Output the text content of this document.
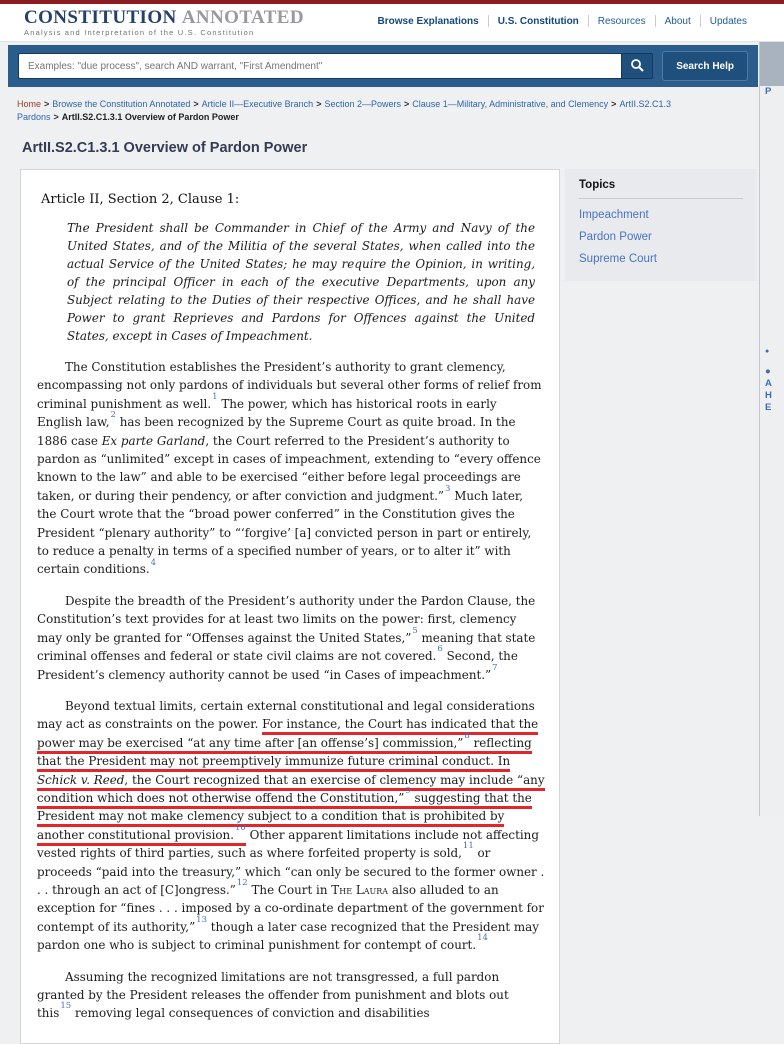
CONSTITUTION ANNOTATED
Analysis and Interpretation of the U.S. Constitution
Browse Explanations	U.S. Constitution	Resources	About	Updates
Examples: "due process", search AND warrant, "First Amendment"
Search Help
Home > Browse the Constitution Annotated > Article II—Executive Branch > Section 2—Powers > Clause 1—Military, Administrative, and Clemency > ArtII.S2.C1.3 Pardons > ArtII.S2.C1.3.1 Overview of Pardon Power
ArtII.S2.C1.3.1 Overview of Pardon Power
Article II, Section 2, Clause 1:
The President shall be Commander in Chief of the Army and Navy of the United States, and of the Militia of the several States, when called into the actual Service of the United States; he may require the Opinion, in writing, of the principal Officer in each of the executive Departments, upon any Subject relating to the Duties of their respective Offices, and he shall have Power to grant Reprieves and Pardons for Offences against the United States, except in Cases of Impeachment.

The Constitution establishes the President’s authority to grant clemency, encompassing not only pardons of individuals but several other forms of relief from criminal punishment as well.$^1$ The power, which has historical roots in early English law,$^2$ has been recognized by the Supreme Court as quite broad. In the 1886 case Ex parte Garland, the Court referred to the President’s authority to pardon as “unlimited” except in cases of impeachment, extending to “every offence known to the law” and able to be exercised “either before legal proceedings are taken, or during their pendency, or after conviction and judgment.”$^3$ Much later, the Court wrote that the “broad power conferred” in the Constitution gives the President “plenary authority” to “‘forgive’ [a] convicted person in part or entirely, to reduce a penalty in terms of a specified number of years, or to alter it” with certain conditions.$^4$

Despite the breadth of the President’s authority under the Pardon Clause, the Constitution’s text provides for at least two limits on the power: first, clemency may only be granted for “Offenses against the United States,”$^5$ meaning that state criminal offenses and federal or state civil claims are not covered.$^6$ Second, the President’s clemency authority cannot be used “in Cases of impeachment.”$^7$

Beyond textual limits, certain external constitutional and legal considerations may act as constraints on the power. For instance, the Court has indicated that the power may be exercised “at any time after [an offense’s] commission,”$^8$ reflecting that the President may not preemptively immunize future criminal conduct. In Schick v. Reed, the Court recognized that an exercise of clemency may include “any condition which does not otherwise offend the Constitution,”$^9$ suggesting that the President may not make clemency subject to a condition that is prohibited by another constitutional provision.$^{10}$ Other apparent limitations include not affecting vested rights of third parties, such as where forfeited property is sold,$^{11}$ or proceeds “paid into the treasury,” which “can only be secured to the former owner . . . through an act of [C]ongress.”$^{12}$ The Court in The Laura also alluded to an exception for “fines . . . imposed by a co-ordinate department of the government for contempt of its authority,”$^{13}$ though a later case recognized that the President may pardon one who is subject to criminal punishment for contempt of court.$^{14}$

Assuming the recognized limitations are not transgressed, a full pardon granted by the President releases the offender from punishment and blots out this$^{15}$ removing legal consequences of conviction and disabilities

Topics
Impeachment
Pardon Power
Supreme Court
●
●
A
H
E
P
